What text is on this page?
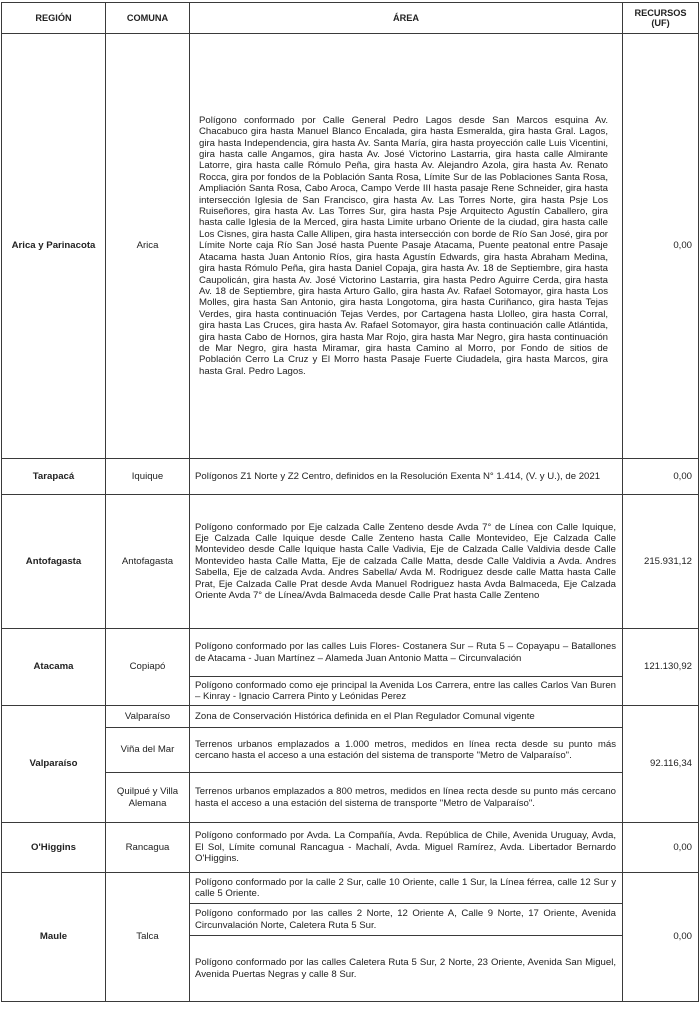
REGIÓN	COMUNA	ÁREA	RECURSOS (UF)
Arica y Parinacota	Arica	Polígono conformado por Calle General Pedro Lagos desde San Marcos esquina Av. Chacabuco gira hasta Manuel Blanco Encalada, gira hasta Esmeralda, gira hasta Gral. Lagos, gira hasta Independencia, gira hasta Av. Santa María, gira hasta proyección calle Luis Vicentini, gira hasta calle Angamos, gira hasta Av. José Victorino Lastarria, gira hasta calle Almirante Latorre, gira hasta calle Rómulo Peña, gira hasta Av. Alejandro Azola, gira hasta Av. Renato Rocca, gira por fondos de la Población Santa Rosa, Límite Sur de las Poblaciones Santa Rosa, Ampliación Santa Rosa, Cabo Aroca, Campo Verde III hasta pasaje Rene Schneider, gira hasta intersección Iglesia de San Francisco, gira hasta Av. Las Torres Norte, gira hasta Psje Los Ruiseñores, gira hasta Av. Las Torres Sur, gira hasta Psje Arquitecto Agustín Caballero, gira hasta calle Iglesia de la Merced, gira hasta Limite urbano Oriente de la ciudad, gira hasta calle Los Cisnes, gira hasta Calle Allipen, gira hasta intersección con borde de Río San José, gira por Límite Norte caja Río San José hasta Puente Pasaje Atacama, Puente peatonal entre Pasaje Atacama hasta Juan Antonio Ríos, gira hasta Agustín Edwards, gira hasta Abraham Medina, gira hasta Rómulo Peña, gira hasta Daniel Copaja, gira hasta Av. 18 de Septiembre, gira hasta Caupolicán, gira hasta Av. José Victorino Lastarria, gira hasta Pedro Aguirre Cerda, gira hasta Av. 18 de Septiembre, gira hasta Arturo Gallo, gira hasta Av. Rafael Sotomayor, gira hasta Los Molles, gira hasta San Antonio, gira hasta Longotoma, gira hasta Curiñanco, gira hasta Tejas Verdes, gira hasta continuación Tejas Verdes, por Cartagena hasta Llolleo, gira hasta Corral, gira hasta Las Cruces, gira hasta Av. Rafael Sotomayor, gira hasta continuación calle Atlántida, gira hasta Cabo de Hornos, gira hasta Mar Rojo, gira hasta Mar Negro, gira hasta continuación de Mar Negro, gira hasta Miramar, gira hasta Camino al Morro, por Fondo de sitios de Población Cerro La Cruz y El Morro hasta Pasaje Fuerte Ciudadela, gira hasta Marcos, gira hasta Gral. Pedro Lagos.	0,00
Tarapacá	Iquique	Polígonos Z1 Norte y Z2 Centro, definidos en la Resolución Exenta N° 1.414, (V. y U.), de 2021	0,00
Antofagasta	Antofagasta	Polígono conformado por Eje calzada Calle Zenteno desde Avda 7° de Línea con Calle Iquique, Eje Calzada Calle Iquique desde Calle Zenteno hasta Calle Montevideo, Eje Calzada Calle Montevideo desde Calle Iquique hasta Calle Vadivia, Eje de Calzada Calle Valdivia desde Calle Montevideo hasta Calle Matta, Eje de calzada Calle Matta, desde Calle Valdivia a Avda. Andres Sabella, Eje de calzada Avda. Andres Sabella/ Avda M. Rodriguez desde calle Matta hasta Calle Prat, Eje Calzada Calle Prat desde Avda Manuel Rodriguez hasta Avda Balmaceda, Eje Calzada Oriente Avda 7° de Línea/Avda Balmaceda desde Calle Prat hasta Calle Zenteno	215.931,12
Atacama	Copiapó	Polígono conformado por las calles Luis Flores- Costanera Sur – Ruta 5 – Copayapu – Batallones de Atacama - Juan Martínez – Alameda Juan Antonio Matta – Circunvalación	121.130,92
		Polígono conformado como eje principal la Avenida Los Carrera, entre las calles Carlos Van Buren – Kinray - Ignacio Carrera Pinto y Leónidas Perez	
Valparaíso	Valparaíso	Zona de Conservación Histórica definida en el Plan Regulador Comunal vigente	92.116,34
	Viña del Mar	Terrenos urbanos emplazados a 1.000 metros, medidos en línea recta desde su punto más cercano hasta el acceso a una estación del sistema de transporte "Metro de Valparaíso".	
	Quilpué y Villa Alemana	Terrenos urbanos emplazados a 800 metros, medidos en línea recta desde su punto más cercano hasta el acceso a una estación del sistema de transporte "Metro de Valparaíso".	
O'Higgins	Rancagua	Polígono conformado por Avda. La Compañía, Avda. República de Chile, Avenida Uruguay, Avda, El Sol, Límite comunal Rancagua - Machalí, Avda. Miguel Ramírez, Avda. Libertador Bernardo O'Higgins.	0,00
Maule	Talca	Polígono conformado por la calle 2 Sur, calle 10 Oriente, calle 1 Sur, la Línea férrea, calle 12 Sur y calle 5 Oriente.	0,00
		Polígono conformado por las calles 2 Norte, 12 Oriente A, Calle 9 Norte, 17 Oriente, Avenida Circunvalación Norte, Caletera Ruta 5 Sur.	
		Polígono conformado por las calles Caletera Ruta 5 Sur, 2 Norte, 23 Oriente, Avenida San Miguel, Avenida Puertas Negras y calle 8 Sur.	
